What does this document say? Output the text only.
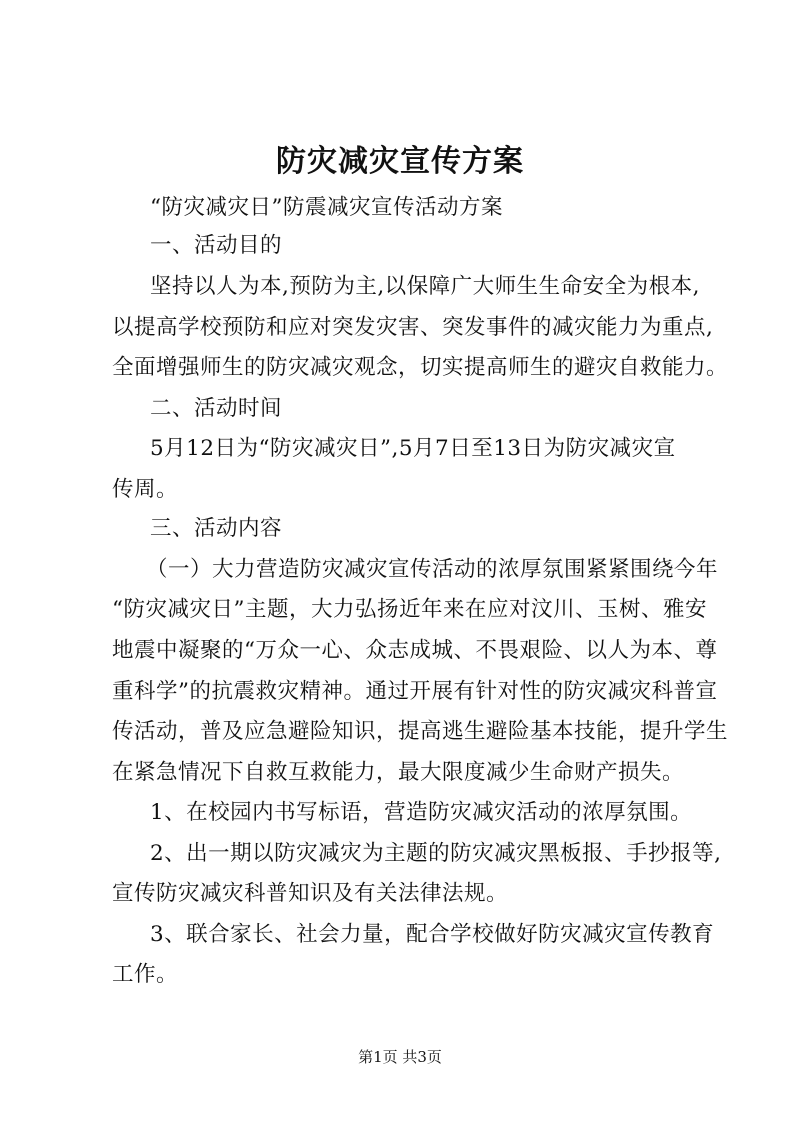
防灾减灾宣传方案
“防灾减灾日”防震减灾宣传活动方案
一、活动目的
坚持以人为本,预防为主,以保障广大师生生命安全为根本,
以提高学校预防和应对突发灾害、突发事件的减灾能力为重点,
全面增强师生的防灾减灾观念，切实提高师生的避灾自救能力。
二、活动时间
5月12日为“防灾减灾日”,5月7日至13日为防灾减灾宣
传周。
三、活动内容
（一）大力营造防灾减灾宣传活动的浓厚氛围紧紧围绕今年
“防灾减灾日”主题，大力弘扬近年来在应对汶川、玉树、雅安
地震中凝聚的“万众一心、众志成城、不畏艰险、以人为本、尊
重科学”的抗震救灾精神。通过开展有针对性的防灾减灾科普宣
传活动，普及应急避险知识，提高逃生避险基本技能，提升学生
在紧急情况下自救互救能力，最大限度减少生命财产损失。
1、在校园内书写标语，营造防灾减灾活动的浓厚氛围。
2、出一期以防灾减灾为主题的防灾减灾黑板报、手抄报等,
宣传防灾减灾科普知识及有关法律法规。
3、联合家长、社会力量，配合学校做好防灾减灾宣传教育
工作。
第1页 共3页
